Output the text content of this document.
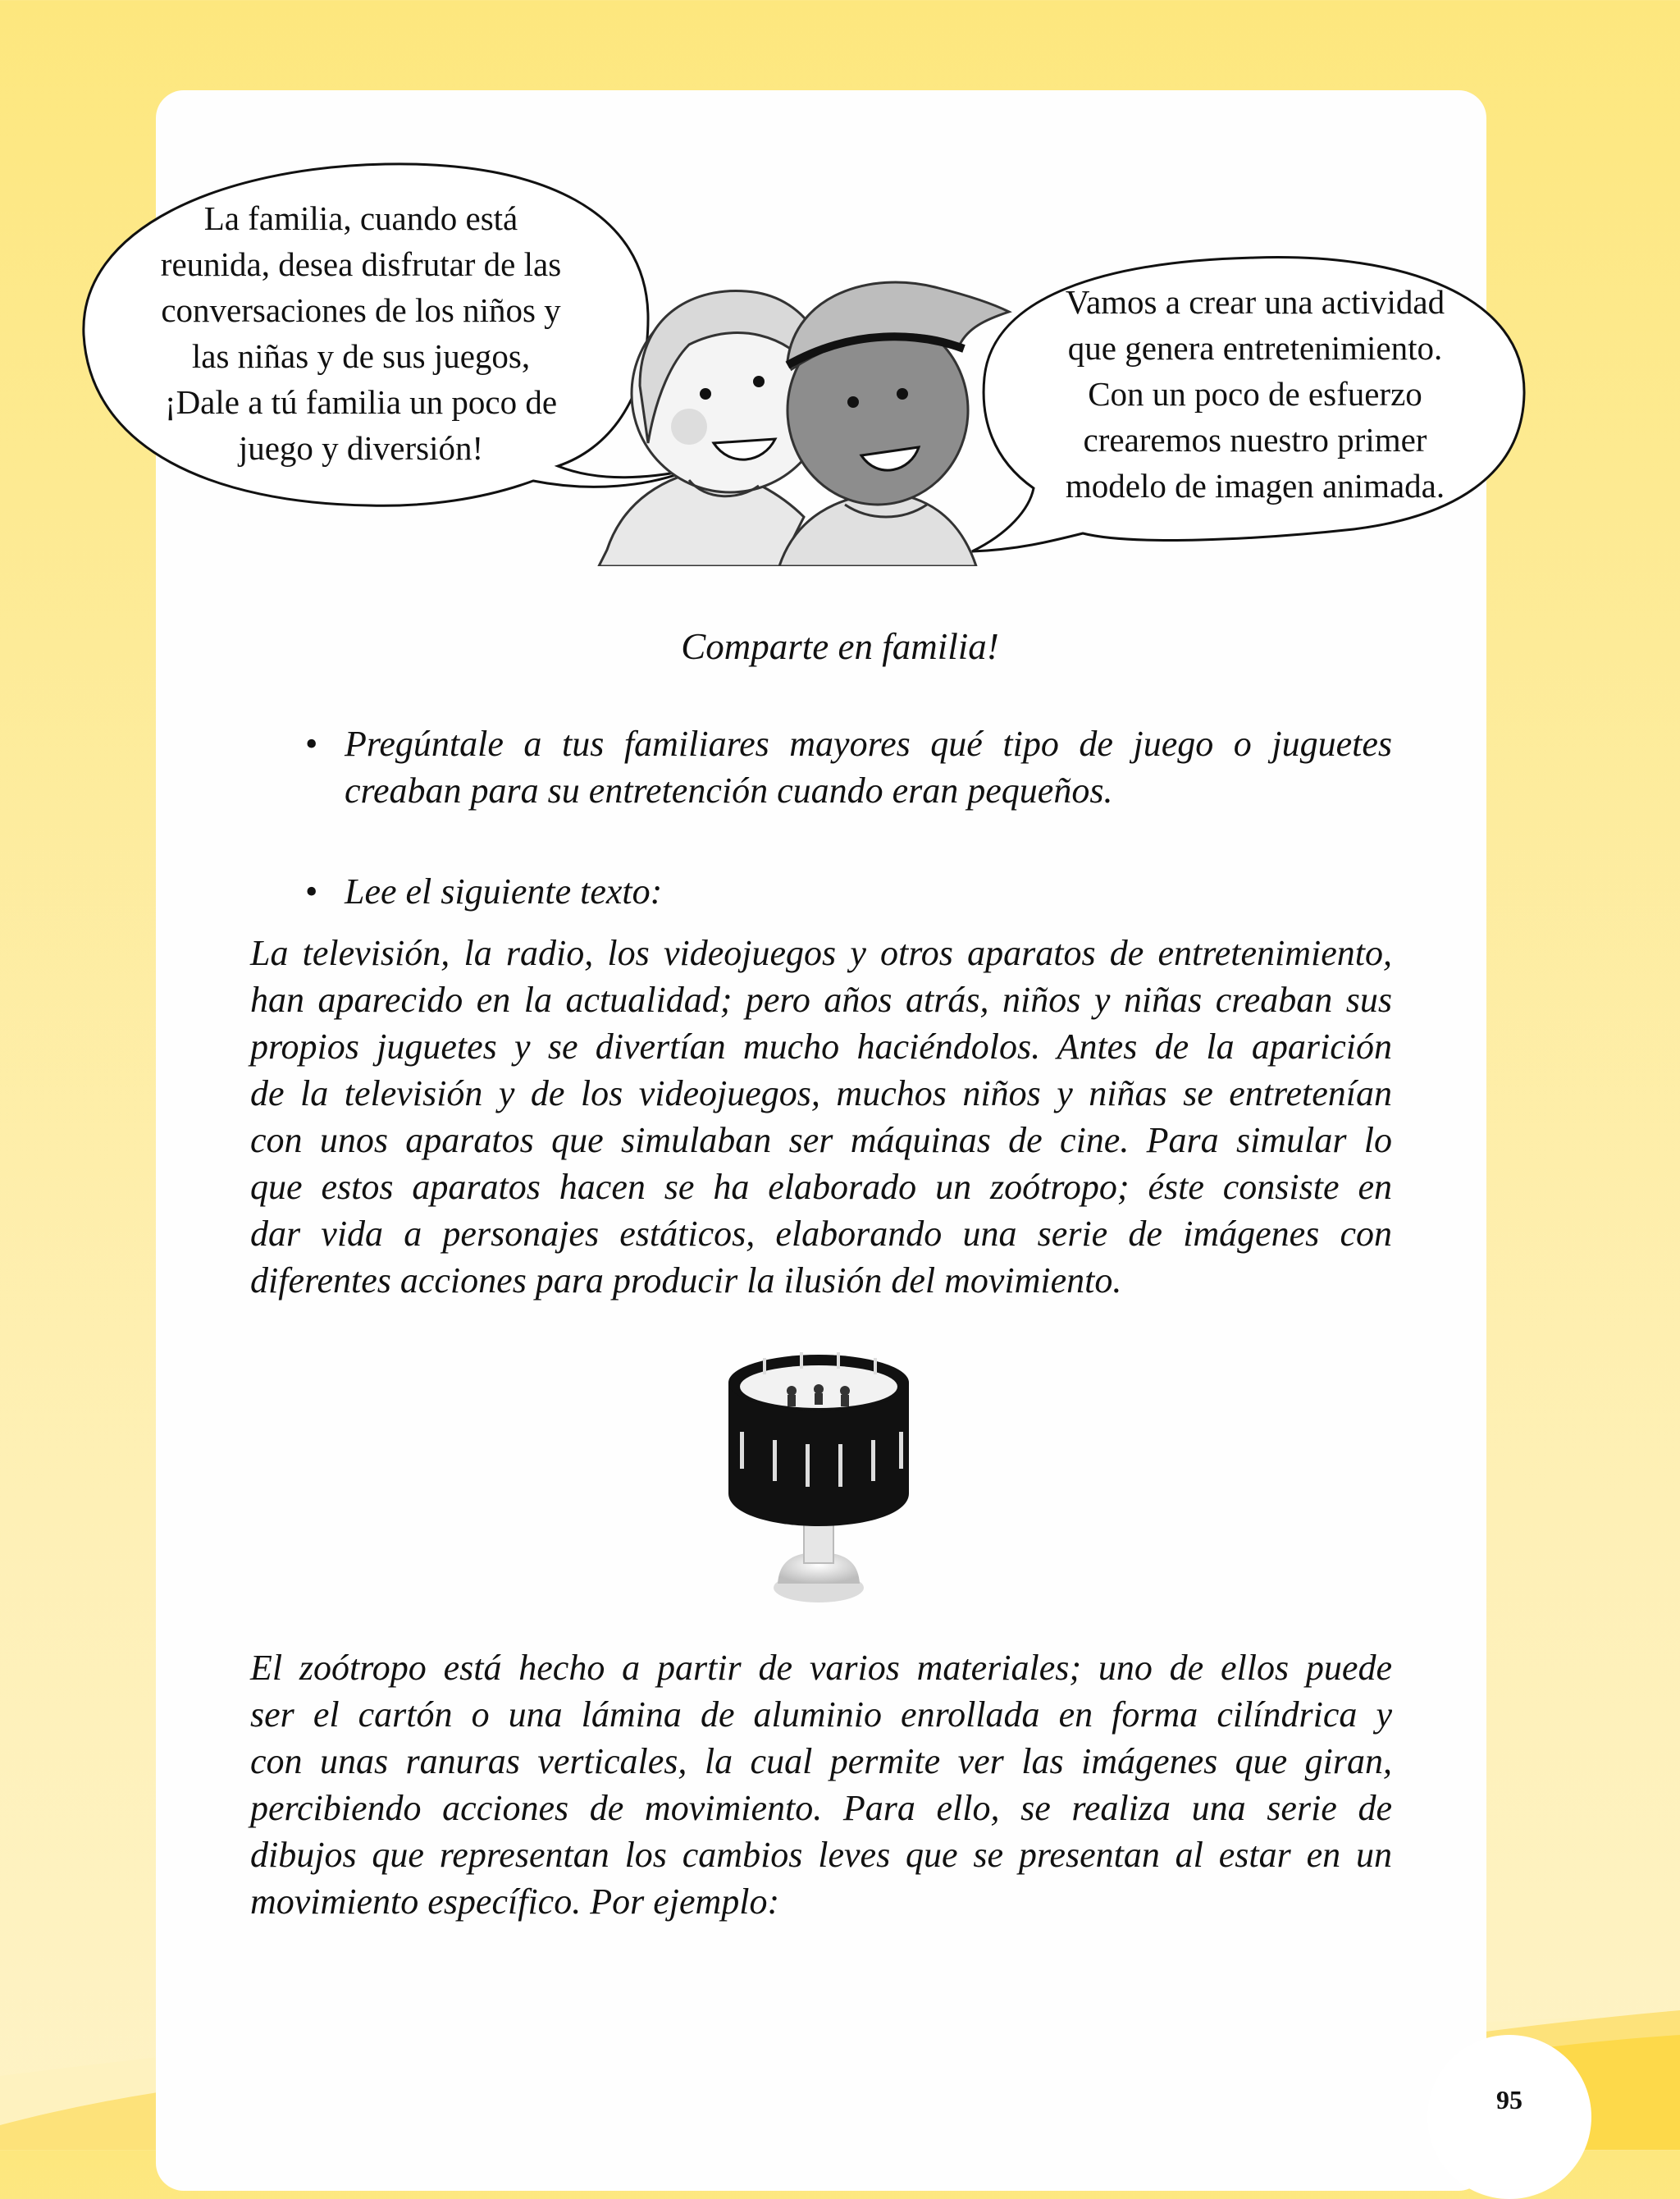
La familia, cuando está
reunida, desea disfrutar de las
conversaciones de los niños y
las niñas y de sus juegos,
¡Dale a tú familia un poco de
juego y diversión!
Vamos a crear una actividad
que genera entretenimiento.
Con un poco de esfuerzo
crearemos nuestro primer
modelo de imagen animada.
Comparte en familia!
• Pregúntale a tus familiares mayores qué tipo de juego o juguetes creaban para su entretención cuando eran pequeños.
• Lee el siguiente texto:

La televisión, la radio, los videojuegos y otros aparatos de entretenimiento,
han aparecido en la actualidad; pero años atrás, niños y niñas creaban sus
propios juguetes y se divertían mucho haciéndolos. Antes de la aparición
de la televisión y de los videojuegos, muchos niños y niñas se entretenían
con unos aparatos que simulaban ser máquinas de cine. Para simular lo
que estos aparatos hacen se ha elaborado un zoótropo; éste consiste en
dar vida a personajes estáticos, elaborando una serie de imágenes con
diferentes acciones para producir la ilusión del movimiento.

El zoótropo está hecho a partir de varios materiales; uno de ellos puede
ser el cartón o una lámina de aluminio enrollada en forma cilíndrica y
con unas ranuras verticales, la cual permite ver las imágenes que giran,
percibiendo acciones de movimiento. Para ello, se realiza una serie de
dibujos que representan los cambios leves que se presentan al estar en un
movimiento específico. Por ejemplo:

95
